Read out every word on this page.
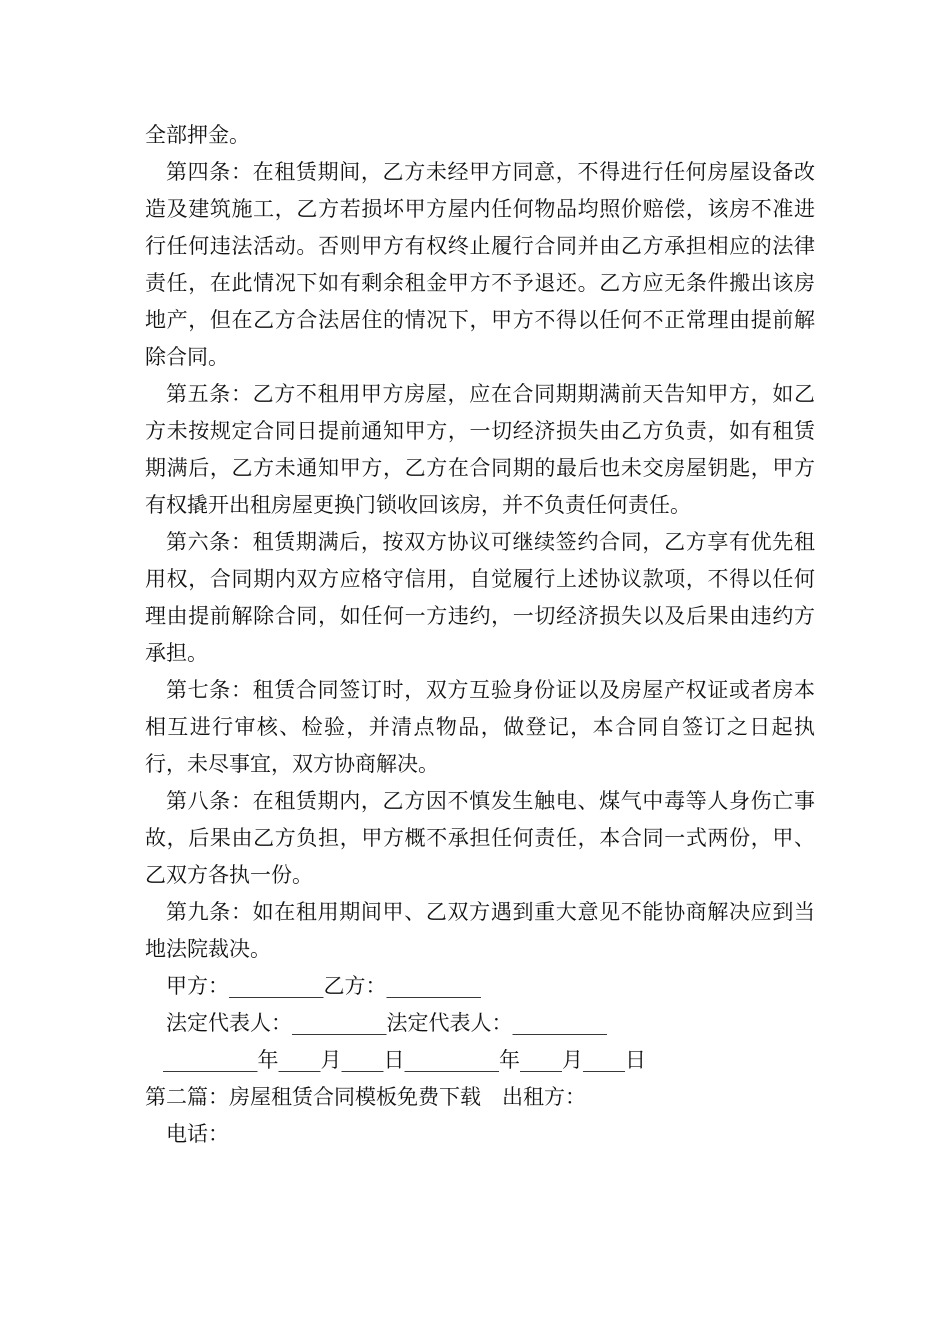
全部押金。

第四条：在租赁期间，乙方未经甲方同意，不得进行任何房屋设备改造及建筑施工，乙方若损坏甲方屋内任何物品均照价赔偿，该房不准进行任何违法活动。否则甲方有权终止履行合同并由乙方承担相应的法律责任，在此情况下如有剩余租金甲方不予退还。乙方应无条件搬出该房地产，但在乙方合法居住的情况下，甲方不得以任何不正常理由提前解除合同。

第五条：乙方不租用甲方房屋，应在合同期期满前天告知甲方，如乙方未按规定合同日提前通知甲方，一切经济损失由乙方负责，如有租赁期满后，乙方未通知甲方，乙方在合同期的最后也未交房屋钥匙，甲方有权撬开出租房屋更换门锁收回该房，并不负责任何责任。

第六条：租赁期满后，按双方协议可继续签约合同，乙方享有优先租用权，合同期内双方应格守信用，自觉履行上述协议款项，不得以任何理由提前解除合同，如任何一方违约，一切经济损失以及后果由违约方承担。

第七条：租赁合同签订时，双方互验身份证以及房屋产权证或者房本相互进行审核、检验，并清点物品，做登记，本合同自签订之日起执行，未尽事宜，双方协商解决。

第八条：在租赁期内，乙方因不慎发生触电、煤气中毒等人身伤亡事故，后果由乙方负担，甲方概不承担任何责任，本合同一式两份，甲、乙双方各执一份。

第九条：如在租用期间甲、乙双方遇到重大意见不能协商解决应到当地法院裁决。

甲方：_________乙方：_________

法定代表人：_________法定代表人：_________

_________年____月____日_________年____月____日

第二篇：房屋租赁合同模板免费下载　出租方：

电话：
